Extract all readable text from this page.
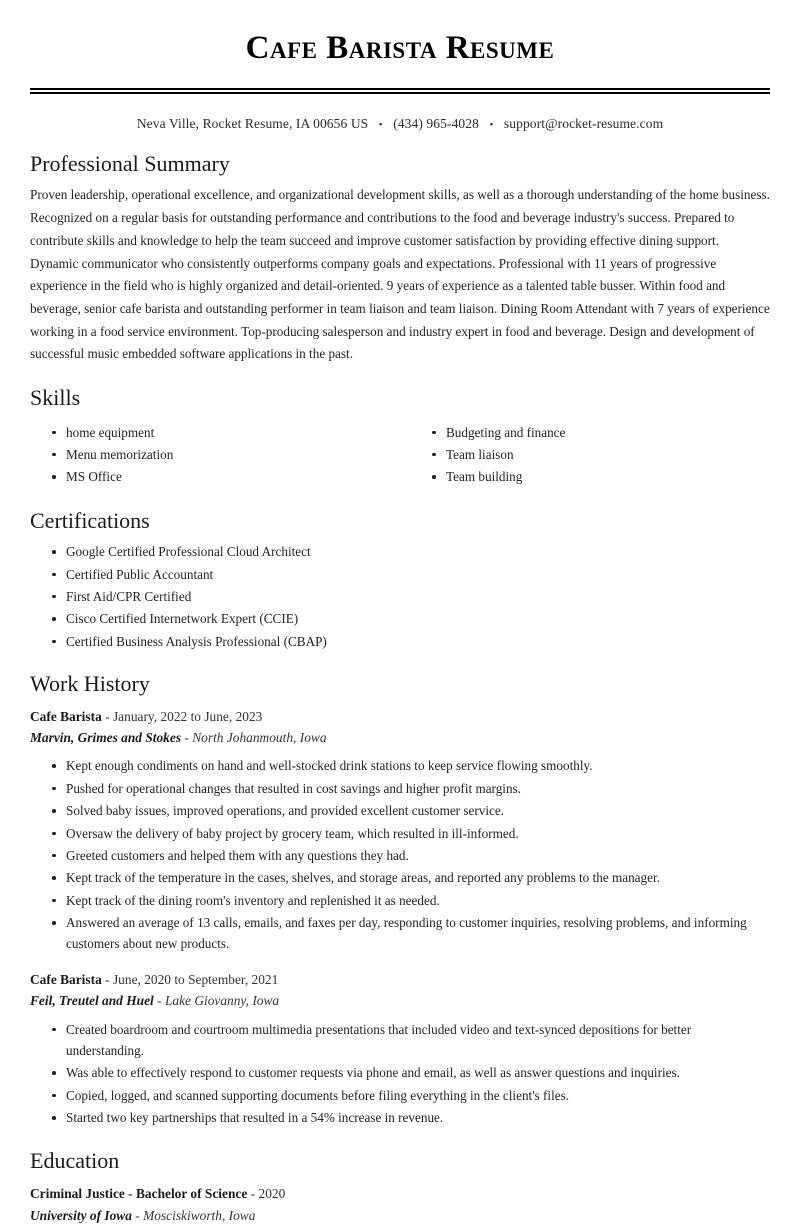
Cafe Barista Resume
Neva Ville, Rocket Resume, IA 00656 US • (434) 965-4028 • support@rocket-resume.com
Professional Summary

Proven leadership, operational excellence, and organizational development skills, as well as a thorough understanding of the home business. Recognized on a regular basis for outstanding performance and contributions to the food and beverage industry's success. Prepared to contribute skills and knowledge to help the team succeed and improve customer satisfaction by providing effective dining support. Dynamic communicator who consistently outperforms company goals and expectations. Professional with 11 years of progressive experience in the field who is highly organized and detail-oriented. 9 years of experience as a talented table busser. Within food and beverage, senior cafe barista and outstanding performer in team liaison and team liaison. Dining Room Attendant with 7 years of experience working in a food service environment. Top-producing salesperson and industry expert in food and beverage. Design and development of successful music embedded software applications in the past.

Skills
home equipment
Menu memorization
MS Office
Budgeting and finance
Team liaison
Team building
Certifications
Google Certified Professional Cloud Architect
Certified Public Accountant
First Aid/CPR Certified
Cisco Certified Internetwork Expert (CCIE)
Certified Business Analysis Professional (CBAP)
Work History
Cafe Barista - January, 2022 to June, 2023
Marvin, Grimes and Stokes - North Johanmouth, Iowa
Kept enough condiments on hand and well-stocked drink stations to keep service flowing smoothly.
Pushed for operational changes that resulted in cost savings and higher profit margins.
Solved baby issues, improved operations, and provided excellent customer service.
Oversaw the delivery of baby project by grocery team, which resulted in ill-informed.
Greeted customers and helped them with any questions they had.
Kept track of the temperature in the cases, shelves, and storage areas, and reported any problems to the manager.
Kept track of the dining room's inventory and replenished it as needed.
Answered an average of 13 calls, emails, and faxes per day, responding to customer inquiries, resolving problems, and informing customers about new products.
Cafe Barista - June, 2020 to September, 2021
Feil, Treutel and Huel - Lake Giovanny, Iowa
Created boardroom and courtroom multimedia presentations that included video and text-synced depositions for better understanding.
Was able to effectively respond to customer requests via phone and email, as well as answer questions and inquiries.
Copied, logged, and scanned supporting documents before filing everything in the client's files.
Started two key partnerships that resulted in a 54% increase in revenue.
Education
Criminal Justice - Bachelor of Science - 2020
University of Iowa - Mosciskiworth, Iowa
